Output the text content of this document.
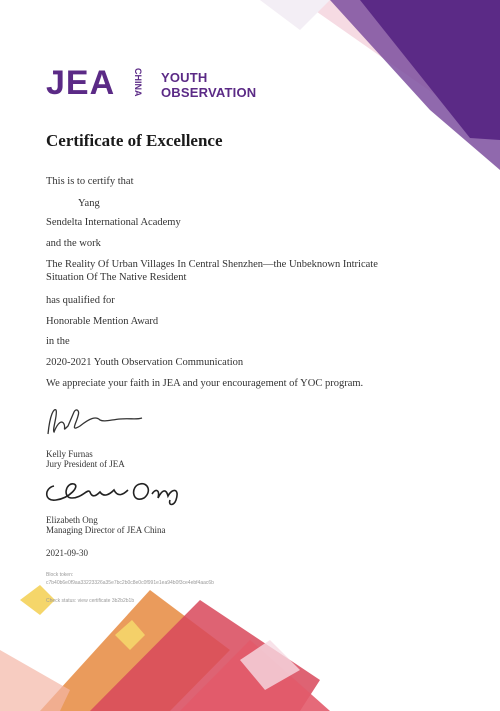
JEA CHINA YOUTH
OBSERVATION
Certificate of Excellence
This is to certify that
Yang
Sendelta International Academy
and the work
The Reality Of Urban Villages In Central Shenzhen—the Unbeknown Intricate Situation Of The Native Resident
has qualified for
Honorable Mention Award
in the
2020-2021 Youth Observation Communication
We appreciate your faith in JEA and your encouragement of YOC program.
Kelly Furnas
Jury President of JEA
Elizabeth Ong
Managing Director of JEA China
2021-09-30
Block token:
c7b40b6e0f9aa33223326a35e7bc2b0c8e0c0f991e1ea94b0f3ce4ebf4aac6b
Check status: view certificate 3b2b2b1b
